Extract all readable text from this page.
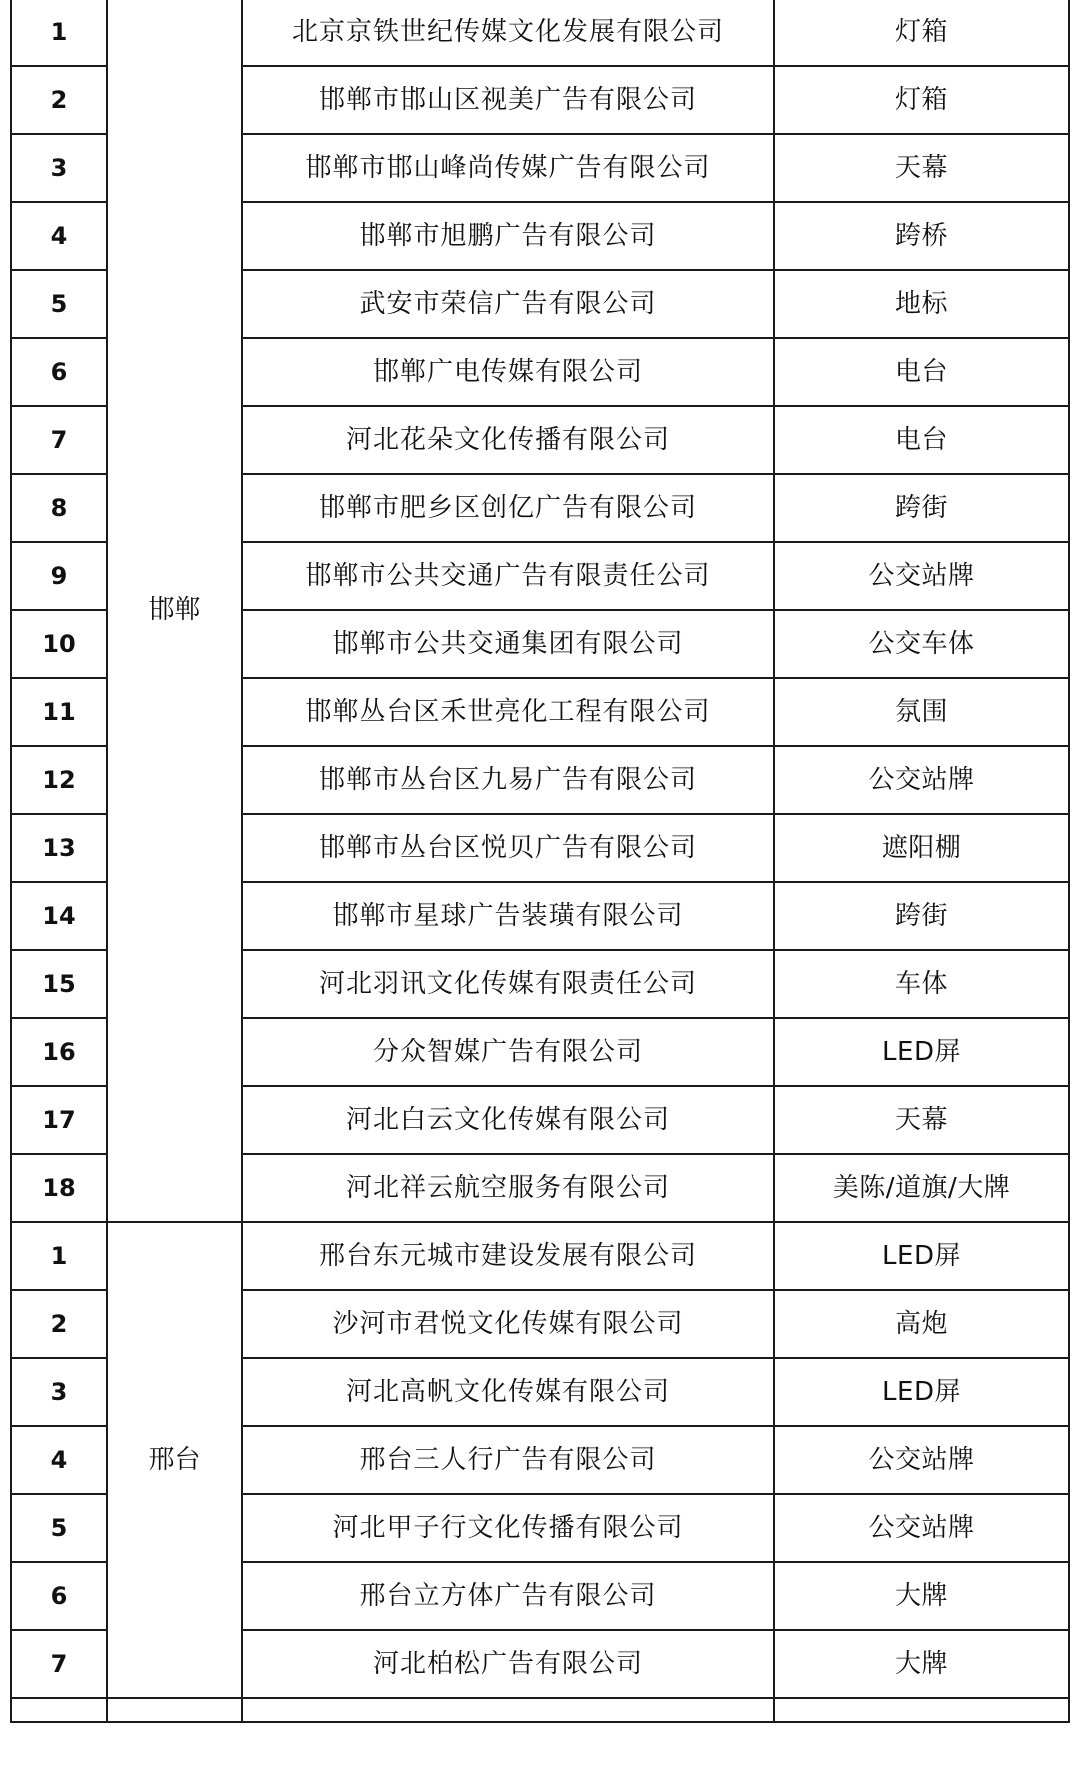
1	邯郸	北京京铁世纪传媒文化发展有限公司	灯箱
2		邯郸市邯山区视美广告有限公司	灯箱
3		邯郸市邯山峰尚传媒广告有限公司	天幕
4		邯郸市旭鹏广告有限公司	跨桥
5		武安市荣信广告有限公司	地标
6		邯郸广电传媒有限公司	电台
7		河北花朵文化传播有限公司	电台
8		邯郸市肥乡区创亿广告有限公司	跨街
9		邯郸市公共交通广告有限责任公司	公交站牌
10		邯郸市公共交通集团有限公司	公交车体
11		邯郸丛台区禾世亮化工程有限公司	氛围
12		邯郸市丛台区九易广告有限公司	公交站牌
13		邯郸市丛台区悦贝广告有限公司	遮阳棚
14		邯郸市星球广告装璜有限公司	跨街
15		河北羽讯文化传媒有限责任公司	车体
16		分众智媒广告有限公司	LED屏
17		河北白云文化传媒有限公司	天幕
18		河北祥云航空服务有限公司	美陈/道旗/大牌
1	邢台	邢台东元城市建设发展有限公司	LED屏
2		沙河市君悦文化传媒有限公司	高炮
3		河北高帆文化传媒有限公司	LED屏
4		邢台三人行广告有限公司	公交站牌
5		河北甲子行文化传播有限公司	公交站牌
6		邢台立方体广告有限公司	大牌
7		河北柏松广告有限公司	大牌
